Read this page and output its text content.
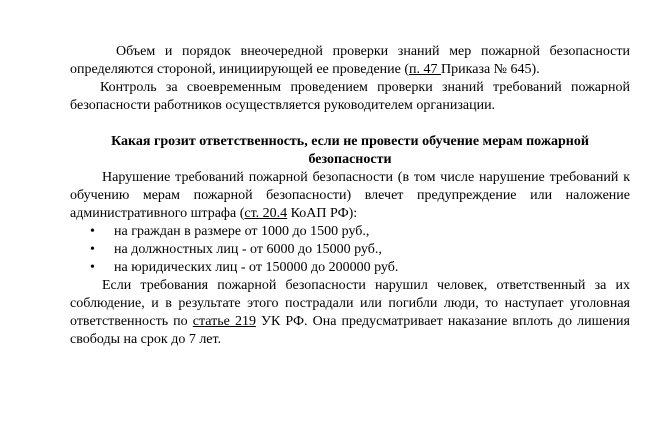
Объем и порядок внеочередной проверки знаний мер пожарной безопасности определяются стороной, инициирующей ее проведение (п. 47 Приказа № 645).

Контроль за своевременным проведением проверки знаний требований пожарной безопасности работников осуществляется руководителем организации.

Какая грозит ответственность, если не провести обучение мерам пожарной безопасности

Нарушение требований пожарной безопасности (в том числе нарушение требований к обучению мерам пожарной безопасности) влечет предупреждение или наложение административного штрафа (ст. 20.4 КоАП РФ):

• на граждан в размере от 1000 до 1500 руб.,
• на должностных лиц - от 6000 до 15000 руб.,
• на юридических лиц - от 150000 до 200000 руб.

Если требования пожарной безопасности нарушил человек, ответственный за их соблюдение, и в результате этого пострадали или погибли люди, то наступает уголовная ответственность по статье 219 УК РФ. Она предусматривает наказание вплоть до лишения свободы на срок до 7 лет.
